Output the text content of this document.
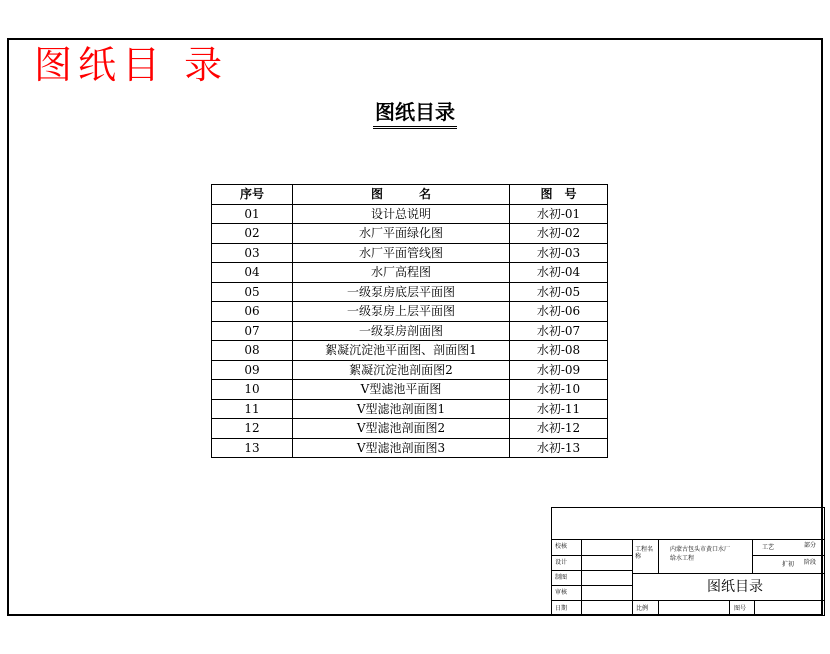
图纸目 录
图纸目录
序号	图　　　名	图　号
01	设计总说明	水初-01
02	水厂平面绿化图	水初-02
03	水厂平面管线图	水初-03
04	水厂高程图	水初-04
05	一级泵房底层平面图	水初-05
06	一级泵房上层平面图	水初-06
07	一级泵房剖面图	水初-07
08	絮凝沉淀池平面图、剖面图1	水初-08
09	絮凝沉淀池剖面图2	水初-09
10	V型滤池平面图	水初-10
11	V型滤池剖面图1	水初-11
12	V型滤池剖面图2	水初-12
13	V型滤池剖面图3	水初-13
校核
设计
制图
审核
日期
工程名称
内蒙古包头市黄口水厂
给水工程
工艺	部分
扩初 阶段
图纸目录
比例	图号
